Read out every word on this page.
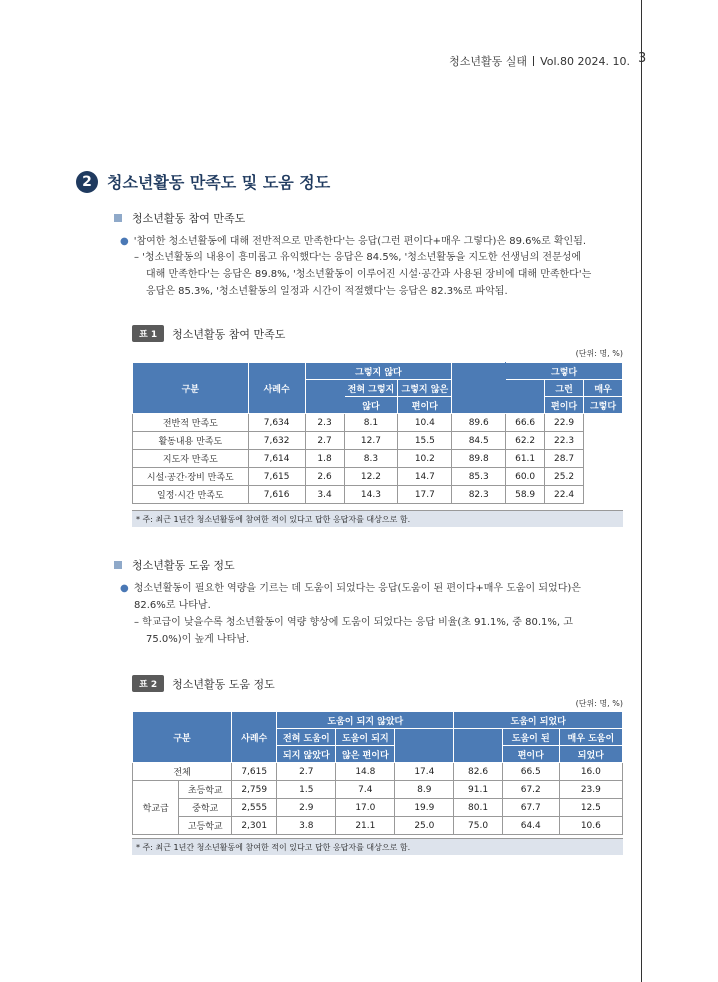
청소년활동 실태 Vol.80 2024. 10. 3
2 청소년활동 만족도 및 도움 정도
청소년활동 참여 만족도
● '참여한 청소년활동에 대해 전반적으로 만족한다'는 응답(그런 편이다+매우 그렇다)은 89.6%로 확인됨.
– '청소년활동의 내용이 흥미롭고 유익했다'는 응답은 84.5%, '청소년활동을 지도한 선생님의 전문성에
대해 만족한다'는 응답은 89.8%, '청소년활동이 이루어진 시설·공간과 사용된 장비에 대해 만족한다'는
응답은 85.3%, '청소년활동의 일정과 시간이 적절했다'는 응답은 82.3%로 파악됨.
표 1	청소년활동 참여 만족도
(단위: 명, %)
구분	사례수	그렇지 않다				그렇다		
			전혀 그렇지	그렇지 않은			그런	매우
			않다	편이다			편이다	그렇다
전반적 만족도	7,634	2.3	8.1	10.4	89.6	66.6	22.9	
활동내용 만족도	7,632	2.7	12.7	15.5	84.5	62.2	22.3	
지도자 만족도	7,614	1.8	8.3	10.2	89.8	61.1	28.7	
시설·공간·장비 만족도	7,615	2.6	12.2	14.7	85.3	60.0	25.2	
일정·시간 만족도	7,616	3.4	14.3	17.7	82.3	58.9	22.4	
* 주: 최근 1년간 청소년활동에 참여한 적이 있다고 답한 응답자를 대상으로 함.
청소년활동 도움 정도
● 청소년활동이 필요한 역량을 기르는 데 도움이 되었다는 응답(도움이 된 편이다+매우 도움이 되었다)은
82.6%로 나타남.
– 학교급이 낮을수록 청소년활동이 역량 향상에 도움이 되었다는 응답 비율(초 91.1%, 중 80.1%, 고
75.0%)이 높게 나타남.
표 2	청소년활동 도움 정도
(단위: 명, %)
구분		사례수	도움이 되지 않았다			도움이 되었다		
			전혀 도움이	도움이 되지			도움이 된	매우 도움이
			되지 않았다	않은 편이다			편이다	되었다
전체		7,615	2.7	14.8	17.4	82.6	66.5	16.0
학교급	초등학교	2,759	1.5	7.4	8.9	91.1	67.2	23.9
	중학교	2,555	2.9	17.0	19.9	80.1	67.7	12.5
	고등학교	2,301	3.8	21.1	25.0	75.0	64.4	10.6
* 주: 최근 1년간 청소년활동에 참여한 적이 있다고 답한 응답자를 대상으로 함.
